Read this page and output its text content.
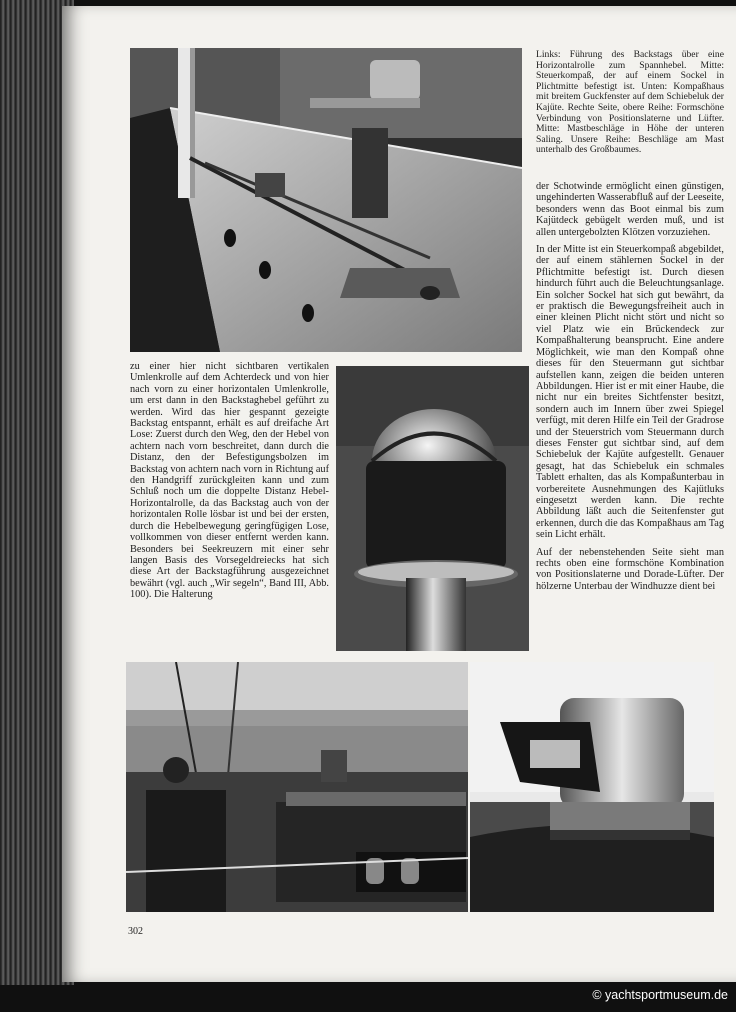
Links: Führung des Backstags über eine Horizontalrolle zum Spannhebel. Mitte: Steuerkompaß, der auf einem Sockel in Plichtmitte befestigt ist. Unten: Kompaßhaus mit breitem Guckfenster auf dem Schiebeluk der Kajüte. Rechte Seite, obere Reihe: Formschöne Verbindung von Positionslaterne und Lüfter. Mitte: Mastbeschläge in Höhe der unteren Saling. Unsere Reihe: Beschläge am Mast unterhalb des Großbaumes.

der Schotwinde ermöglicht einen günstigen, ungehinderten Wasserabfluß auf der Leeseite, besonders wenn das Boot einmal bis zum Kajütdeck gebügelt werden muß, und ist allen untergebolzten Klötzen vorzuziehen.

In der Mitte ist ein Steuerkompaß abgebildet, der auf einem stählernen Sockel in der Pflichtmitte befestigt ist. Durch diesen hindurch führt auch die Beleuchtungsanlage. Ein solcher Sockel hat sich gut bewährt, da er praktisch die Bewegungsfreiheit auch in einer kleinen Plicht nicht stört und nicht so viel Platz wie ein Brückendeck zur Kompaßhalterung beansprucht. Eine andere Möglichkeit, wie man den Kompaß ohne dieses für den Steuermann gut sichtbar aufstellen kann, zeigen die beiden unteren Abbildungen. Hier ist er mit einer Haube, die nicht nur ein breites Sichtfenster besitzt, sondern auch im Innern über zwei Spiegel verfügt, mit deren Hilfe ein Teil der Gradrose und der Steuerstrich vom Steuermann durch dieses Fenster gut sichtbar sind, auf dem Schiebeluk der Kajüte aufgestellt. Genauer gesagt, hat das Schiebeluk ein schmales Tablett erhalten, das als Kompaßunterbau in vorbereitete Ausnehmungen des Kajütluks eingesetzt werden kann. Die rechte Abbildung läßt auch die Seitenfenster gut erkennen, durch die das Kompaßhaus am Tag sein Licht erhält.

Auf der nebenstehenden Seite sieht man rechts oben eine formschöne Kombination von Positionslaterne und Dorade-Lüfter. Der hölzerne Unterbau der Windhuzze dient bei

zu einer hier nicht sichtbaren vertikalen Umlenkrolle auf dem Achterdeck und von hier nach vorn zu einer horizontalen Umlenkrolle, um erst dann in den Backstaghebel geführt zu werden. Wird das hier gespannt gezeigte Backstag entspannt, erhält es auf dreifache Art Lose: Zuerst durch den Weg, den der Hebel von achtern nach vorn beschreitet, dann durch die Distanz, den der Befestigungsbolzen im Backstag von achtern nach vorn in Richtung auf den Handgriff zurückgleiten kann und zum Schluß noch um die doppelte Distanz Hebel-Horizontalrolle, da das Backstag auch von der horizontalen Rolle lösbar ist und bei der ersten, durch die Hebelbewegung geringfügigen Lose, vollkommen von dieser entfernt werden kann. Besonders bei Seekreuzern mit einer sehr langen Basis des Vorsegeldreiecks hat sich diese Art der Backstagführung ausgezeichnet bewährt (vgl. auch „Wir segeln“, Band III, Abb. 100). Die Halterung

302
© yachtsportmuseum.de
